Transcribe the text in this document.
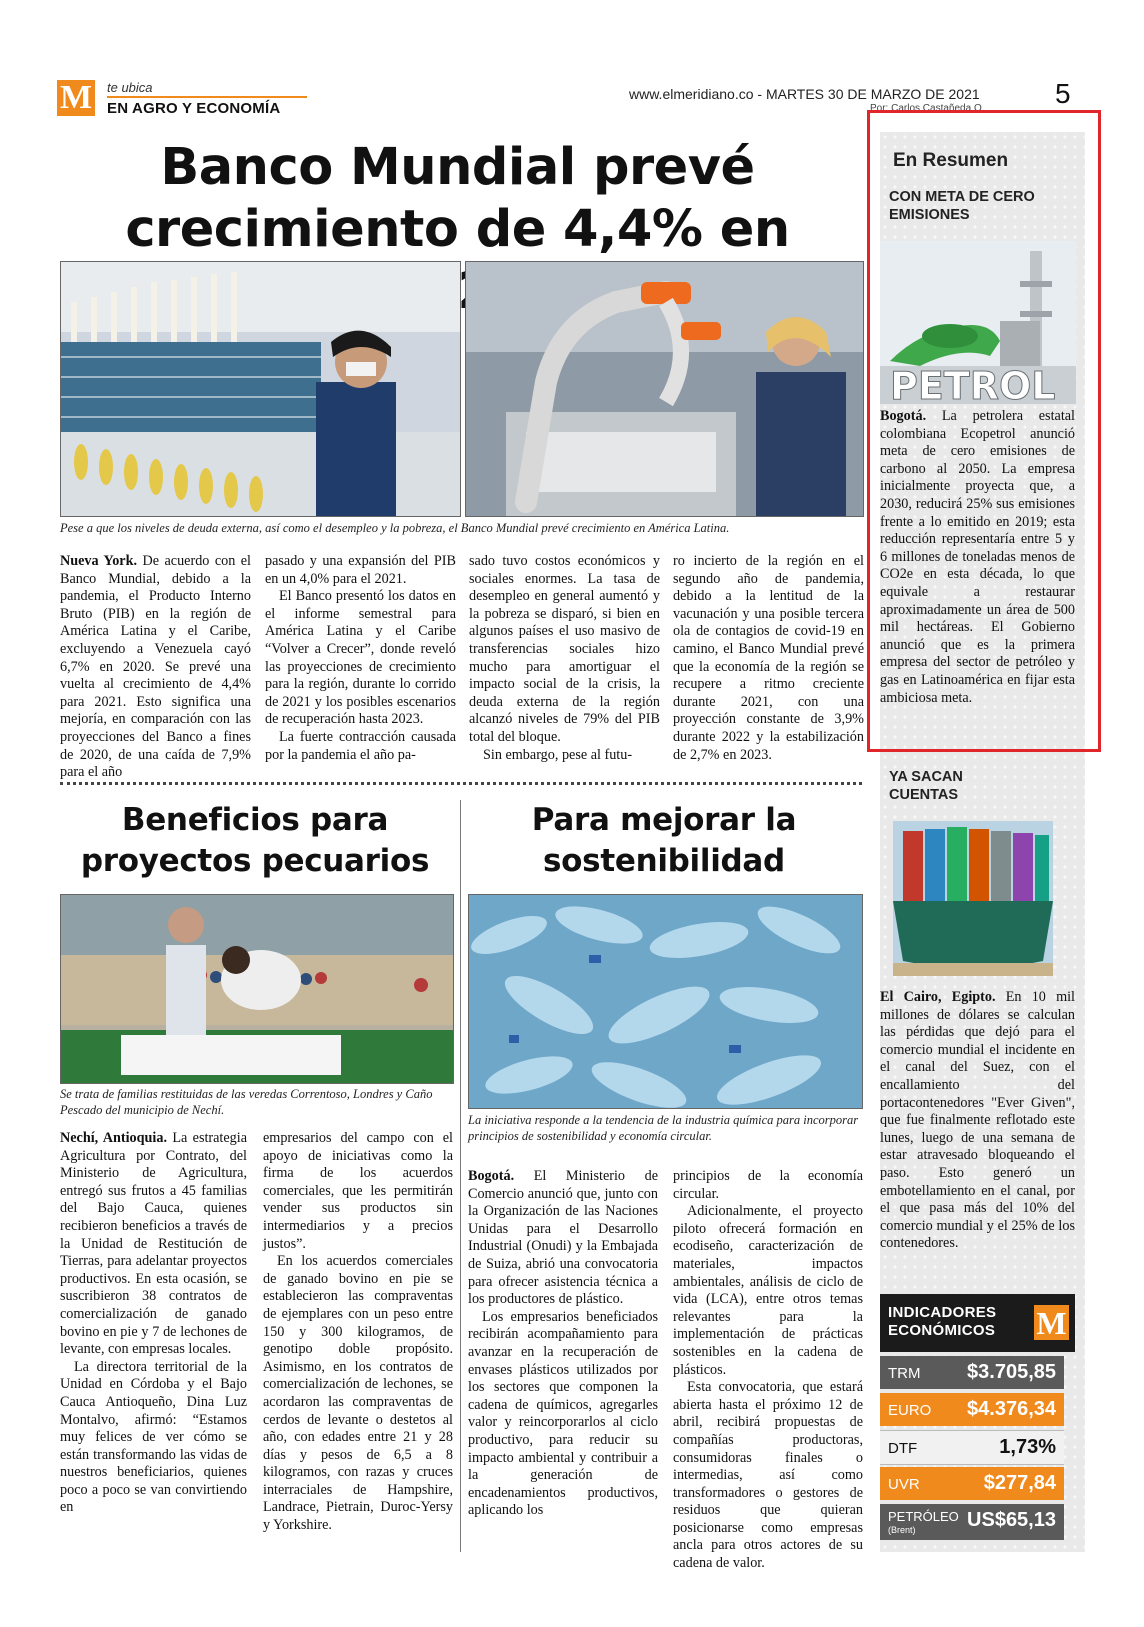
M te ubica
EN AGRO Y ECONOMÍA
www.elmeridiano.co - MARTES 30 DE MARZO DE 2021
Por: Carlos Castañeda O.	5
Banco Mundial prevé
crecimiento de 4,4% en
Pese a que los niveles de deuda externa, así como el desempleo y la pobreza, el Banco Mundial prevé crecimiento en América Latina.

Nueva York. De acuerdo con el Banco Mundial, debido a la pandemia, el Producto Interno Bruto (PIB) en la región de América Latina y el Caribe, excluyendo a Venezuela cayó 6,7% en 2020. Se prevé una vuelta al crecimiento de 4,4% para 2021. Esto significa una mejoría, en comparación con las proyecciones del Banco a fines de 2020, de una caída de 7,9% para el año

pasado y una expansión del PIB en un 4,0% para el 2021.

El Banco presentó los datos en el informe semestral para América Latina y el Caribe “Volver a Crecer”, donde reveló las proyecciones de crecimiento para la región, durante lo corrido de 2021 y los posibles escenarios de recuperación hasta 2023.

La fuerte contracción causada por la pandemia el año pa-

sado tuvo costos económicos y sociales enormes. La tasa de desempleo en general aumentó y la pobreza se disparó, si bien en algunos países el uso masivo de transferencias sociales hizo mucho para amortiguar el impacto social de la crisis, la deuda externa de la región alcanzó niveles de 79% del PIB total del bloque.

Sin embargo, pese al futu-

ro incierto de la región en el segundo año de pandemia, debido a la lentitud de la vacunación y una posible tercera ola de contagios de covid-19 en camino, el Banco Mundial prevé que la economía de la región se recupere a ritmo creciente durante 2021, con una proyección constante de 3,9% durante 2022 y la estabilización de 2,7% en 2023.

Beneficios para
proyectos pecuarios
Se trata de familias restituidas de las veredas Correntoso, Londres y Caño Pescado del municipio de Nechí.

Nechí, Antioquia. La estrategia Agricultura por Contrato, del Ministerio de Agricultura, entregó sus frutos a 45 familias del Bajo Cauca, quienes recibieron beneficios a través de la Unidad de Restitución de Tierras, para adelantar proyectos productivos. En esta ocasión, se suscribieron 38 contratos de comercialización de ganado bovino en pie y 7 de lechones de levante, con empresas locales.

La directora territorial de la Unidad en Córdoba y el Bajo Cauca Antioqueño, Dina Luz Montalvo, afirmó: “Estamos muy felices de ver cómo se están transformando las vidas de nuestros beneficiarios, quienes poco a poco se van convirtiendo en

empresarios del campo con el apoyo de iniciativas como la firma de los acuerdos comerciales, que les permitirán vender sus productos sin intermediarios y a precios justos”.

En los acuerdos comerciales de ganado bovino en pie se establecieron las compraventas de ejemplares con un peso entre 150 y 300 kilogramos, de genotipo doble propósito. Asimismo, en los contratos de comercialización de lechones, se acordaron las compraventas de cerdos de levante o destetos al año, con edades entre 21 y 28 días y pesos de 6,5 a 8 kilogramos, con razas y cruces interraciales de Hampshire, Landrace, Pietrain, Duroc-Yersy y Yorkshire.

Para mejorar la
sostenibilidad
La iniciativa responde a la tendencia de la industria química para incorporar principios de sostenibilidad y economía circular.

Bogotá. El Ministerio de Comercio anunció que, junto con la Organización de las Naciones Unidas para el Desarrollo Industrial (Onudi) y la Embajada de Suiza, abrió una convocatoria para ofrecer asistencia técnica a los productores de plástico.

Los empresarios beneficiados recibirán acompañamiento para avanzar en la recuperación de envases plásticos utilizados por los sectores que componen la cadena de químicos, agregarles valor y reincorporarlos al ciclo productivo, para reducir su impacto ambiental y contribuir a la generación de encadenamientos productivos, aplicando los

principios de la economía circular.

Adicionalmente, el proyecto piloto ofrecerá formación en ecodiseño, caracterización de materiales, impactos ambientales, análisis de ciclo de vida (LCA), entre otros temas relevantes para la implementación de prácticas sostenibles en la cadena de plásticos.

Esta convocatoria, que estará abierta hasta el próximo 12 de abril, recibirá propuestas de compañías productoras, consumidoras finales o intermedias, así como transformadores o gestores de residuos que quieran posicionarse como empresas ancla para otros actores de su cadena de valor.

En Resumen
CON META DE CERO EMISIONES
PETROL
Bogotá. La petrolera estatal colombiana Ecopetrol anunció meta de cero emisiones de carbono al 2050. La empresa inicialmente proyecta que, a 2030, reducirá 25% sus emisiones frente a lo emitido en 2019; esta reducción representaría entre 5 y 6 millones de toneladas menos de CO2e en esta década, lo que equivale a restaurar aproximadamente un área de 500 mil hectáreas. El Gobierno anunció que es la primera empresa del sector de petróleo y gas en Latinoamérica en fijar esta ambiciosa meta.
YA SACAN CUENTAS
El Cairo, Egipto. En 10 mil millones de dólares se calculan las pérdidas que dejó para el comercio mundial el incidente en el canal del Suez, con el encallamiento del portacontenedores "Ever Given", que fue finalmente reflotado este lunes, luego de una semana de estar atravesado bloqueando el paso. Esto generó un embotellamiento en el canal, por el que pasa más del 10% del comercio mundial y el 25% de los contenedores.
INDICADORES
ECONÓMICOS M
TRM $3.705,85
EURO $4.376,34
DTF	1,73%
UVR	$277,84
PETRÓLEO
(Brent)	US$65,13
